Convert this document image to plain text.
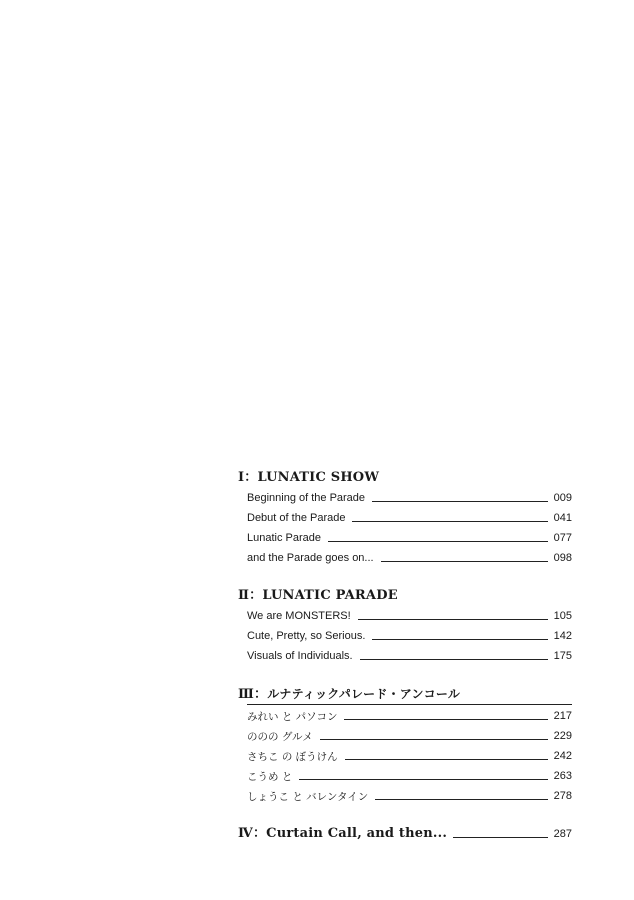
Ⅰ：LUNATIC SHOW
Beginning of the Parade	009
Debut of the Parade	041
Lunatic Parade	077
and the Parade goes on...	098
Ⅱ：LUNATIC PARADE
We are MONSTERS!	105
Cute, Pretty, so Serious.	142
Visuals of Individuals.	175
Ⅲ：ルナティックパレード・アンコール
みれい と パソコン	217
ののの グルメ	229
さちこ の ぼうけん	242
こうめ と	263
しょうこ と バレンタイン	278
Ⅳ：Curtain Call, and then...	287
